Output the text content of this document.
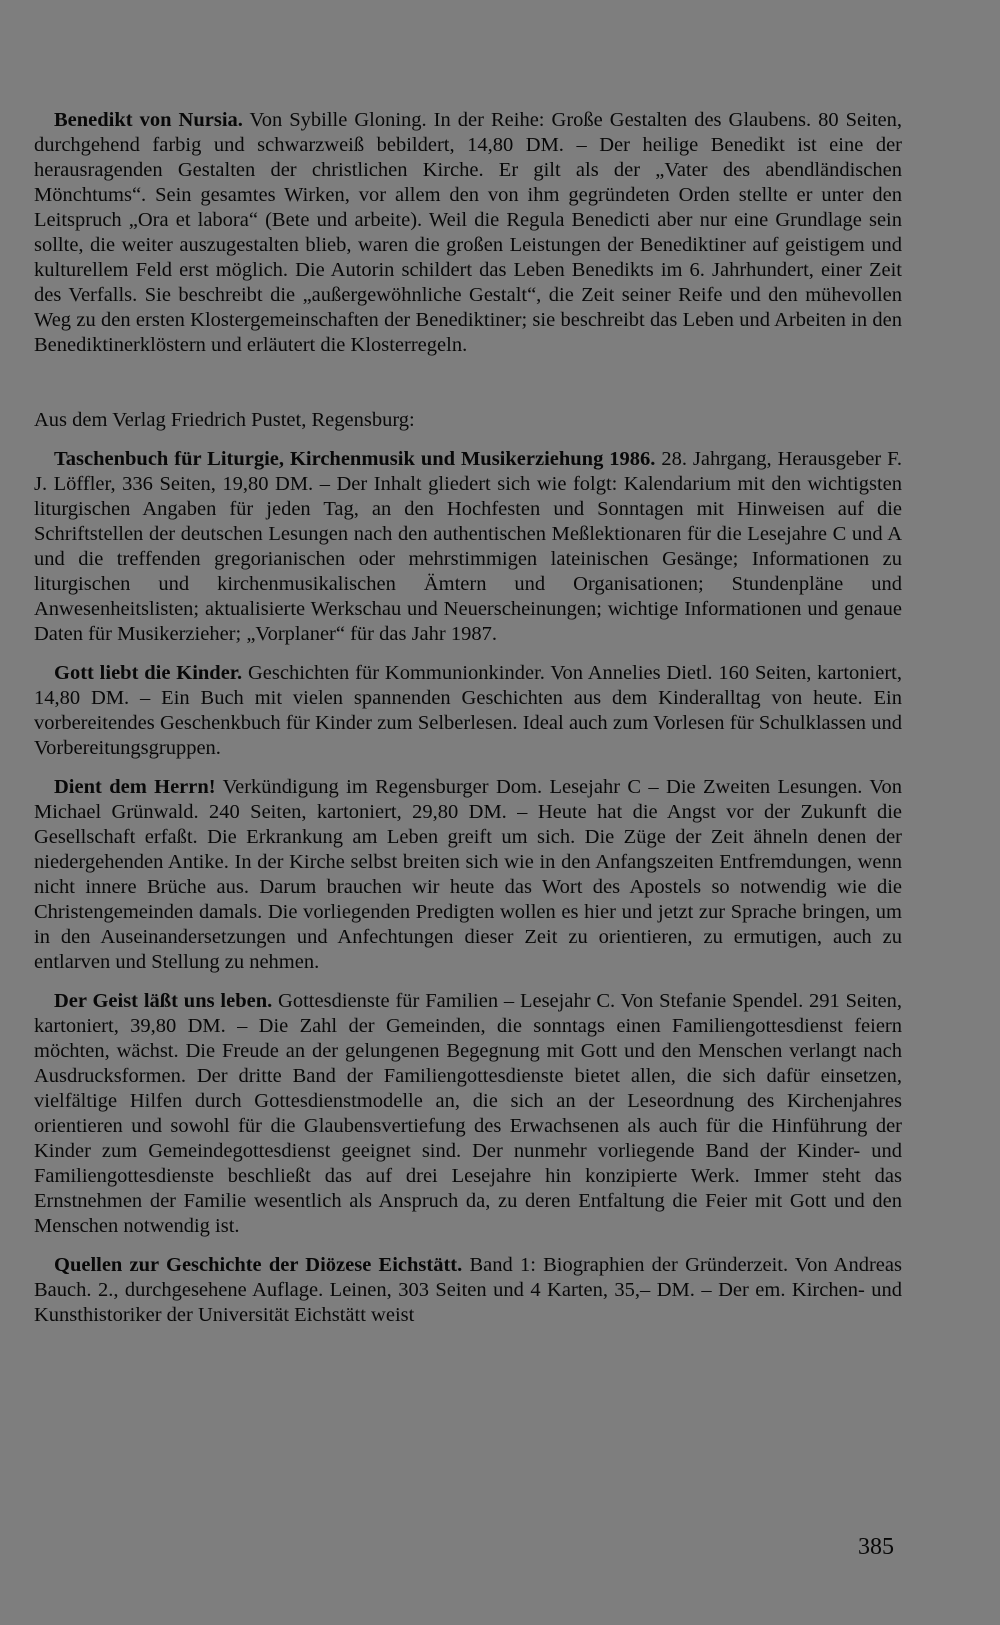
Benedikt von Nursia. Von Sybille Gloning. In der Reihe: Große Gestalten des Glaubens. 80 Seiten, durchgehend farbig und schwarzweiß bebildert, 14,80 DM. – Der heilige Benedikt ist eine der herausragenden Gestalten der christlichen Kirche. Er gilt als der „Vater des abendländischen Mönchtums“. Sein gesamtes Wirken, vor allem den von ihm gegründeten Orden stellte er unter den Leitspruch „Ora et labora“ (Bete und arbeite). Weil die Regula Benedicti aber nur eine Grundlage sein sollte, die weiter auszugestalten blieb, waren die großen Leistungen der Benediktiner auf geistigem und kulturellem Feld erst möglich. Die Autorin schildert das Leben Benedikts im 6. Jahrhundert, einer Zeit des Verfalls. Sie beschreibt die „außergewöhnliche Gestalt“, die Zeit seiner Reife und den mühevollen Weg zu den ersten Klostergemeinschaften der Benediktiner; sie beschreibt das Leben und Arbeiten in den Benediktinerklöstern und erläutert die Klosterregeln.

Aus dem Verlag Friedrich Pustet, Regensburg:

Taschenbuch für Liturgie, Kirchenmusik und Musikerziehung 1986. 28. Jahrgang, Herausgeber F. J. Löffler, 336 Seiten, 19,80 DM. – Der Inhalt gliedert sich wie folgt: Kalendarium mit den wichtigsten liturgischen Angaben für jeden Tag, an den Hochfesten und Sonntagen mit Hinweisen auf die Schriftstellen der deutschen Lesungen nach den authentischen Meßlektionaren für die Lesejahre C und A und die treffenden gregorianischen oder mehrstimmigen lateinischen Gesänge; Informationen zu liturgischen und kirchenmusikalischen Ämtern und Organisationen; Stundenpläne und Anwesenheitslisten; aktualisierte Werkschau und Neuerscheinungen; wichtige Informationen und genaue Daten für Musikerzieher; „Vorplaner“ für das Jahr 1987.

Gott liebt die Kinder. Geschichten für Kommunionkinder. Von Annelies Dietl. 160 Seiten, kartoniert, 14,80 DM. – Ein Buch mit vielen spannenden Geschichten aus dem Kinderalltag von heute. Ein vorbereitendes Geschenkbuch für Kinder zum Selberlesen. Ideal auch zum Vorlesen für Schulklassen und Vorbereitungsgruppen.

Dient dem Herrn! Verkündigung im Regensburger Dom. Lesejahr C – Die Zweiten Lesungen. Von Michael Grünwald. 240 Seiten, kartoniert, 29,80 DM. – Heute hat die Angst vor der Zukunft die Gesellschaft erfaßt. Die Erkrankung am Leben greift um sich. Die Züge der Zeit ähneln denen der niedergehenden Antike. In der Kirche selbst breiten sich wie in den Anfangszeiten Entfremdungen, wenn nicht innere Brüche aus. Darum brauchen wir heute das Wort des Apostels so notwendig wie die Christengemeinden damals. Die vorliegenden Predigten wollen es hier und jetzt zur Sprache bringen, um in den Auseinandersetzungen und Anfechtungen dieser Zeit zu orientieren, zu ermutigen, auch zu entlarven und Stellung zu nehmen.

Der Geist läßt uns leben. Gottesdienste für Familien – Lesejahr C. Von Stefanie Spendel. 291 Seiten, kartoniert, 39,80 DM. – Die Zahl der Gemeinden, die sonntags einen Familiengottesdienst feiern möchten, wächst. Die Freude an der gelungenen Begegnung mit Gott und den Menschen verlangt nach Ausdrucksformen. Der dritte Band der Familiengottesdienste bietet allen, die sich dafür einsetzen, vielfältige Hilfen durch Gottesdienstmodelle an, die sich an der Leseordnung des Kirchenjahres orientieren und sowohl für die Glaubensvertiefung des Erwachsenen als auch für die Hinführung der Kinder zum Gemeindegottesdienst geeignet sind. Der nunmehr vorliegende Band der Kinder- und Familiengottesdienste beschließt das auf drei Lesejahre hin konzipierte Werk. Immer steht das Ernstnehmen der Familie wesentlich als Anspruch da, zu deren Entfaltung die Feier mit Gott und den Menschen notwendig ist.

Quellen zur Geschichte der Diözese Eichstätt. Band 1: Biographien der Gründerzeit. Von Andreas Bauch. 2., durchgesehene Auflage. Leinen, 303 Seiten und 4 Karten, 35,– DM. – Der em. Kirchen- und Kunsthistoriker der Universität Eichstätt weist

385
